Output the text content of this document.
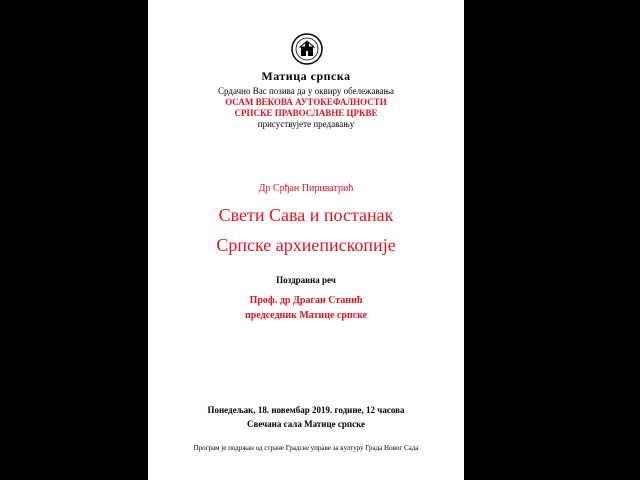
Матица српска
Срдачно Вас позива да у оквиру обележавања
ОСАМ ВЕКОВА АУТОКЕФАЛНОСТИ
СРПСКЕ ПРАВОСЛАВНЕ ЦРКВЕ
присуствујете предавању
Др Срђан Пириватрић
Свети Сава и постанак
Српске архиепископије
Поздравна реч
Проф. др Драган Станић
председник Матице српске
Понедељак, 18. новембар 2019. године, 12 часова
Свечана сала Матице српске
Програм је подржан од стране Градске управе за културу Града Новог Сада
